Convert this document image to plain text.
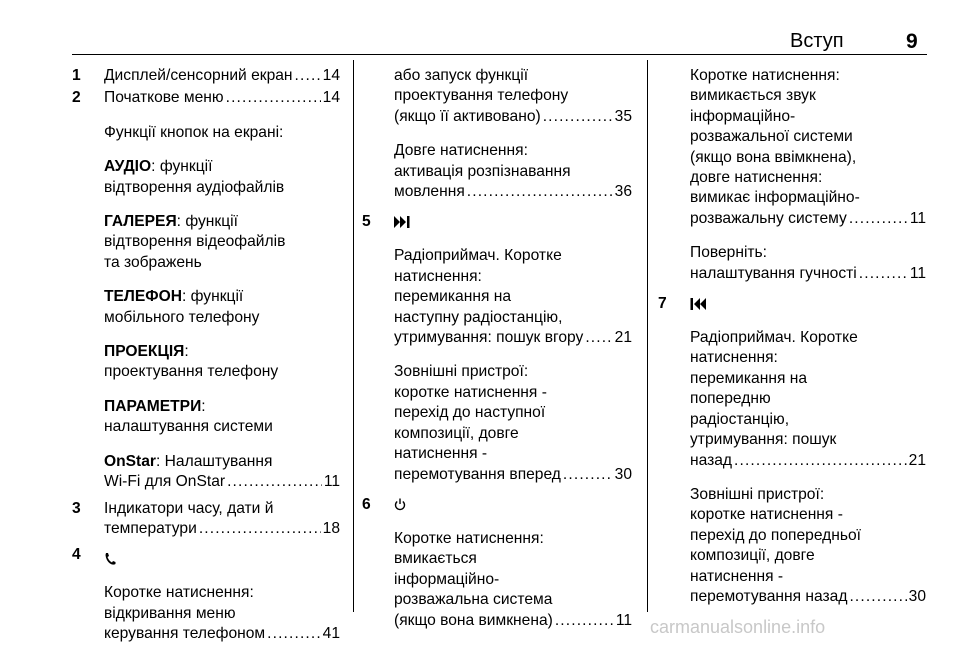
Вступ	9
1	Дисплей/сенсорний екран . . . 14
2	Початкове меню . . .	14
Функції кнопок на екрані:
АУДІО: функції
відтворення аудіофайлів
ГАЛЕРЕЯ: функції
відтворення відеофайлів
та зображень
ТЕЛЕФОН: функції
мобільного телефону
ПРОЕКЦІЯ:
проектування телефону
ПАРАМЕТРИ:
налаштування системи
OnStar: Налаштування
Wi-Fi для OnStar . . .	11
3	Індикатори часу, дати й
температури . . .	18
4
Коротке натиснення:
відкривання меню
керування телефоном . . .	41
або запуск функції
проектування телефону
(якщо її активовано) . . .	35
Довге натиснення:
активація розпізнавання
мовлення . . .	36
5
Радіоприймач. Коротке
натиснення:
перемикання на
наступну радіостанцію,
утримування: пошук вгору . . . 21
Зовнішні пристрої:
коротке натиснення -
перехід до наступної
композиції, довге
натиснення -
перемотування вперед . . .	30
6
Коротке натиснення:
вмикається
інформаційно-
розважальна система
(якщо вона вимкнена) . . .	11
Коротке натиснення:
вимикається звук
інформаційно-
розважальної системи
(якщо вона ввімкнена),
довге натиснення:
вимикає інформаційно-
розважальну систему . . .	11
Поверніть:
налаштування гучності . . .	11
7
Радіоприймач. Коротке
натиснення:
перемикання на
попередню
радіостанцію,
утримування: пошук
назад . . .	21
Зовнішні пристрої:
коротке натиснення -
перехід до попередньої
композиції, довге
натиснення -
перемотування назад . . .	30
carmanualsonline.info
